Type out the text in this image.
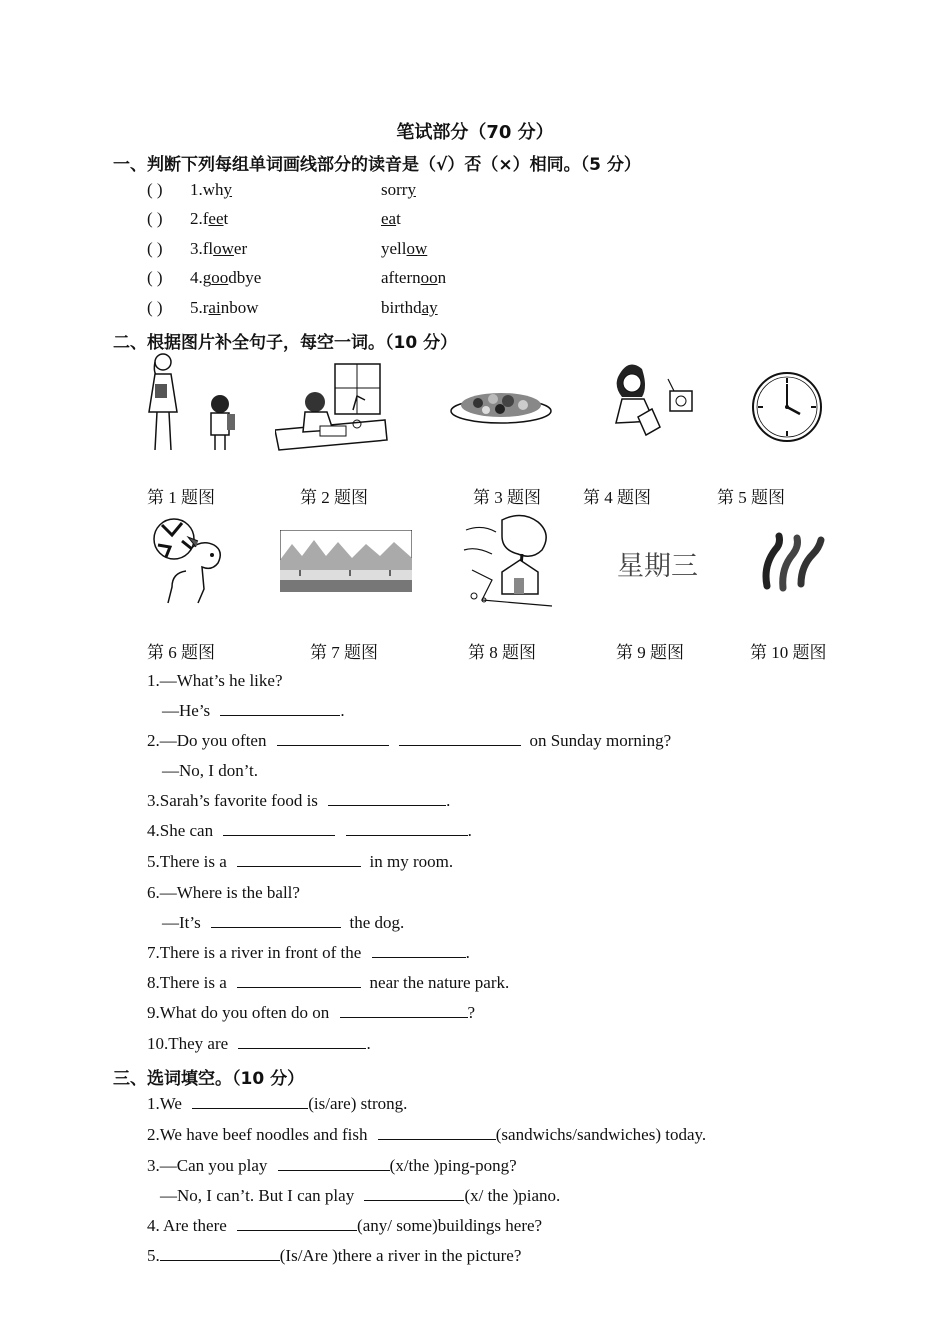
笔试部分（70 分）
一、判断下列每组单词画线部分的读音是（√）否（×）相同。（5 分）
( ) 1.why	sorry
( ) 2.feet	eat
( ) 3.flower	yellow
( ) 4.goodbye	afternoon
( ) 5.rainbow	birthday
二、根据图片补全句子，每空一词。（10 分）
第 1 题图	第 2 题图	第 3 题图 第 4 题图	第 5 题图
星期三
第 6 题图	第 7 题图	第 8 题图	第 9 题图	第 10 题图
1.—What’s he like?
—He’s	.
2.—Do you often	on Sunday morning?
—No, I don’t.
3.Sarah’s favorite food is	.
4.She can	.
5.There is a	in my room.
6.—Where is the ball?
—It’s	the dog.
7.There is a river in front of the	.
8.There is a	near the nature park.
9.What do you often do on	?
10.They are	.
三、选词填空。（10 分）
1.We	(is/are) strong.
2.We have beef noodles and fish	(sandwichs/sandwiches) today.
3.—Can you play	(x/the )ping-pong?
—No, I can’t. But I can play	(x/ the )piano.
4. Are there	(any/ some)buildings here?
5.	(Is/Are )there a river in the picture?
